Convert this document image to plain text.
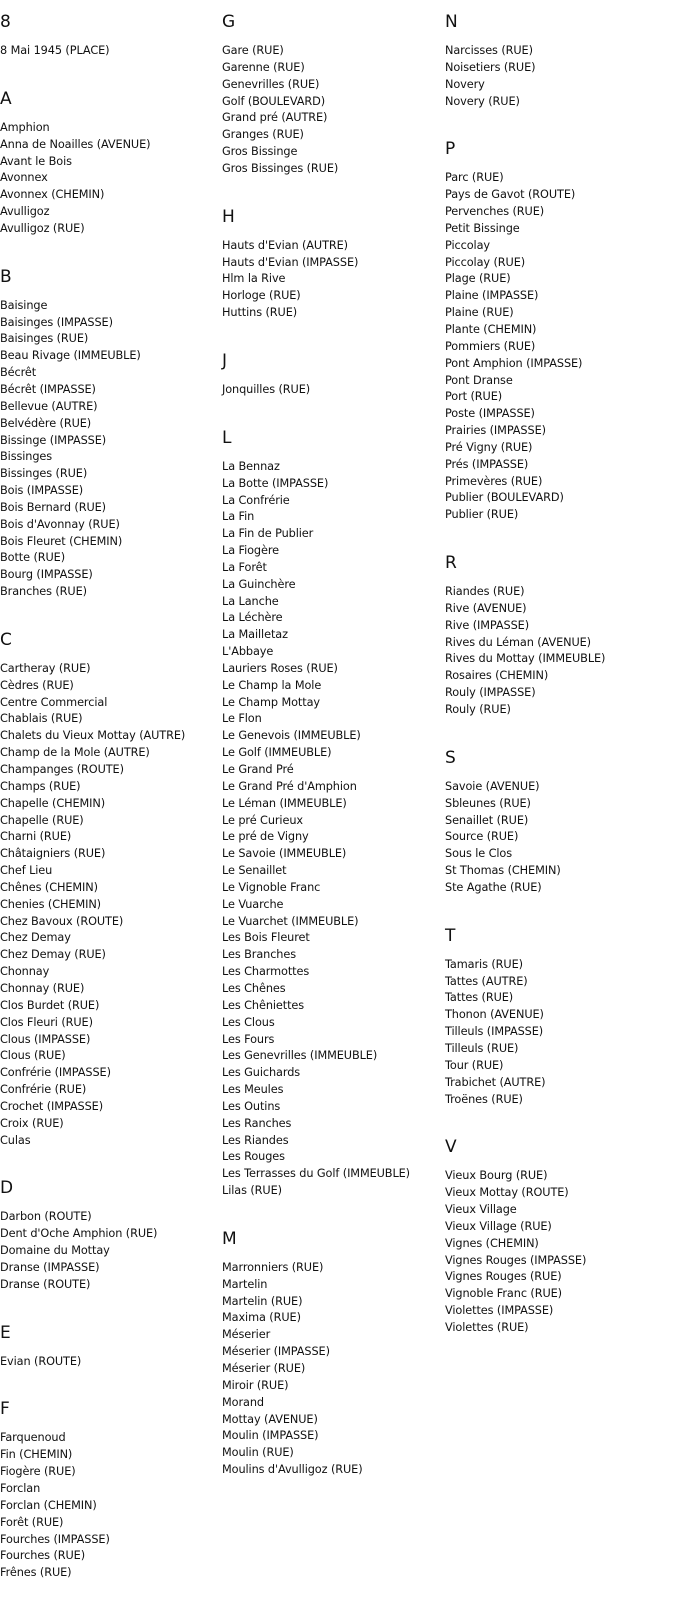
8
8 Mai 1945 (PLACE)
A
Amphion
Anna de Noailles (AVENUE)
Avant le Bois
Avonnex
Avonnex (CHEMIN)
Avulligoz
Avulligoz (RUE)
B
Baisinge
Baisinges (IMPASSE)
Baisinges (RUE)
Beau Rivage (IMMEUBLE)
Bécrêt
Bécrêt (IMPASSE)
Bellevue (AUTRE)
Belvédère (RUE)
Bissinge (IMPASSE)
Bissinges
Bissinges (RUE)
Bois (IMPASSE)
Bois Bernard (RUE)
Bois d'Avonnay (RUE)
Bois Fleuret (CHEMIN)
Botte (RUE)
Bourg (IMPASSE)
Branches (RUE)
C
Cartheray (RUE)
Cèdres (RUE)
Centre Commercial
Chablais (RUE)
Chalets du Vieux Mottay (AUTRE)
Champ de la Mole (AUTRE)
Champanges (ROUTE)
Champs (RUE)
Chapelle (CHEMIN)
Chapelle (RUE)
Charni (RUE)
Châtaigniers (RUE)
Chef Lieu
Chênes (CHEMIN)
Chenies (CHEMIN)
Chez Bavoux (ROUTE)
Chez Demay
Chez Demay (RUE)
Chonnay
Chonnay (RUE)
Clos Burdet (RUE)
Clos Fleuri (RUE)
Clous (IMPASSE)
Clous (RUE)
Confrérie (IMPASSE)
Confrérie (RUE)
Crochet (IMPASSE)
Croix (RUE)
Culas
D
Darbon (ROUTE)
Dent d'Oche Amphion (RUE)
Domaine du Mottay
Dranse (IMPASSE)
Dranse (ROUTE)
E
Evian (ROUTE)
F
Farquenoud
Fin (CHEMIN)
Fiogère (RUE)
Forclan
Forclan (CHEMIN)
Forêt (RUE)
Fourches (IMPASSE)
Fourches (RUE)
Frênes (RUE)
G
Gare (RUE)
Garenne (RUE)
Genevrilles (RUE)
Golf (BOULEVARD)
Grand pré (AUTRE)
Granges (RUE)
Gros Bissinge
Gros Bissinges (RUE)
H
Hauts d'Evian (AUTRE)
Hauts d'Evian (IMPASSE)
Hlm la Rive
Horloge (RUE)
Huttins (RUE)
J
Jonquilles (RUE)
L
La Bennaz
La Botte (IMPASSE)
La Confrérie
La Fin
La Fin de Publier
La Fiogère
La Forêt
La Guinchère
La Lanche
La Léchère
La Mailletaz
L'Abbaye
Lauriers Roses (RUE)
Le Champ la Mole
Le Champ Mottay
Le Flon
Le Genevois (IMMEUBLE)
Le Golf (IMMEUBLE)
Le Grand Pré
Le Grand Pré d'Amphion
Le Léman (IMMEUBLE)
Le pré Curieux
Le pré de Vigny
Le Savoie (IMMEUBLE)
Le Senaillet
Le Vignoble Franc
Le Vuarche
Le Vuarchet (IMMEUBLE)
Les Bois Fleuret
Les Branches
Les Charmottes
Les Chênes
Les Chêniettes
Les Clous
Les Fours
Les Genevrilles (IMMEUBLE)
Les Guichards
Les Meules
Les Outins
Les Ranches
Les Riandes
Les Rouges
Les Terrasses du Golf (IMMEUBLE)
Lilas (RUE)
M
Marronniers (RUE)
Martelin
Martelin (RUE)
Maxima (RUE)
Méserier
Méserier (IMPASSE)
Méserier (RUE)
Miroir (RUE)
Morand
Mottay (AVENUE)
Moulin (IMPASSE)
Moulin (RUE)
Moulins d'Avulligoz (RUE)
N
Narcisses (RUE)
Noisetiers (RUE)
Novery
Novery (RUE)
P
Parc (RUE)
Pays de Gavot (ROUTE)
Pervenches (RUE)
Petit Bissinge
Piccolay
Piccolay (RUE)
Plage (RUE)
Plaine (IMPASSE)
Plaine (RUE)
Plante (CHEMIN)
Pommiers (RUE)
Pont Amphion (IMPASSE)
Pont Dranse
Port (RUE)
Poste (IMPASSE)
Prairies (IMPASSE)
Pré Vigny (RUE)
Prés (IMPASSE)
Primevères (RUE)
Publier (BOULEVARD)
Publier (RUE)
R
Riandes (RUE)
Rive (AVENUE)
Rive (IMPASSE)
Rives du Léman (AVENUE)
Rives du Mottay (IMMEUBLE)
Rosaires (CHEMIN)
Rouly (IMPASSE)
Rouly (RUE)
S
Savoie (AVENUE)
Sbleunes (RUE)
Senaillet (RUE)
Source (RUE)
Sous le Clos
St Thomas (CHEMIN)
Ste Agathe (RUE)
T
Tamaris (RUE)
Tattes (AUTRE)
Tattes (RUE)
Thonon (AVENUE)
Tilleuls (IMPASSE)
Tilleuls (RUE)
Tour (RUE)
Trabichet (AUTRE)
Troënes (RUE)
V
Vieux Bourg (RUE)
Vieux Mottay (ROUTE)
Vieux Village
Vieux Village (RUE)
Vignes (CHEMIN)
Vignes Rouges (IMPASSE)
Vignes Rouges (RUE)
Vignoble Franc (RUE)
Violettes (IMPASSE)
Violettes (RUE)
